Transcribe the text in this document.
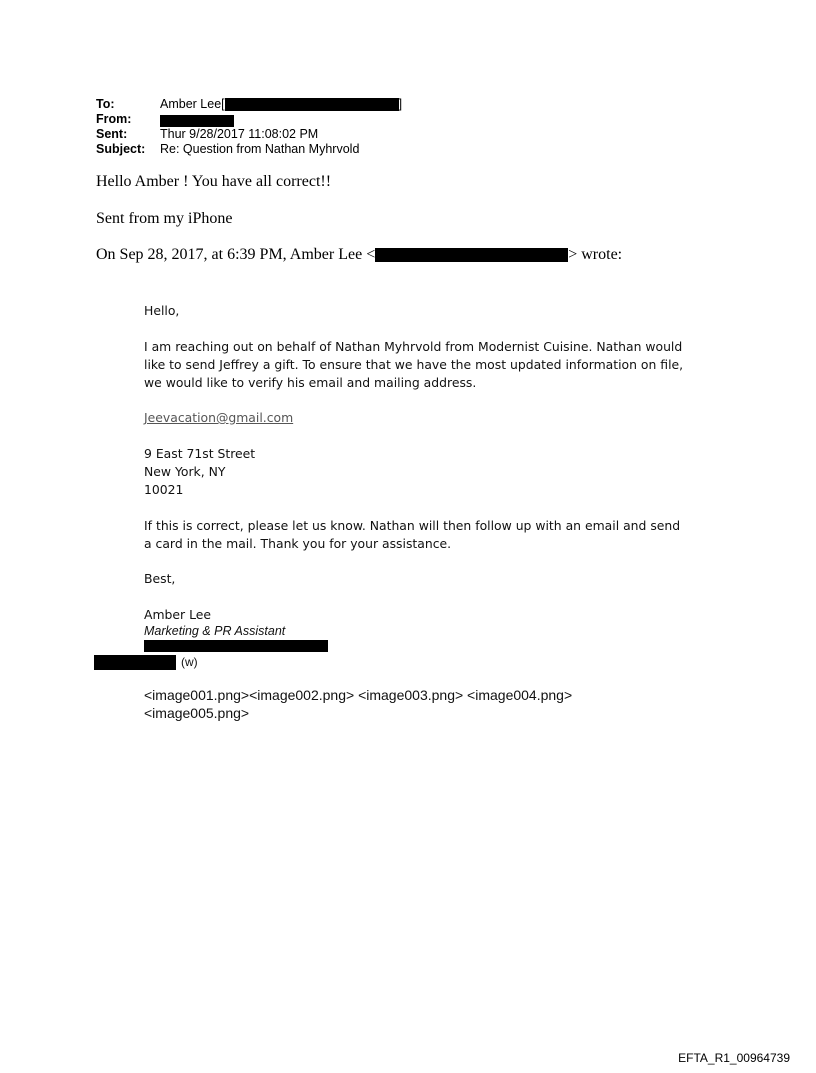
To:	Amber Lee[	]
From:
Sent:	Thur 9/28/2017 11:08:02 PM
Subject: Re: Question from Nathan Myhrvold
Hello Amber ! You have all correct!!
Sent from my iPhone
On Sep 28, 2017, at 6:39 PM, Amber Lee <	> wrote:

Hello,

I am reaching out on behalf of Nathan Myhrvold from Modernist Cuisine. Nathan would like to send Jeffrey a gift. To ensure that we have the most updated information on file, we would like to verify his email and mailing address.
Jeevacation@gmail.com

9 East 71st Street

New York, NY

10021

If this is correct, please let us know. Nathan will then follow up with an email and send a card in the mail. Thank you for your assistance.
Best,
Amber Lee
Marketing & PR Assistant
(w)

<image001.png><image002.png> <image003.png> <image004.png>

<image005.png>

EFTA_R1_00964739
